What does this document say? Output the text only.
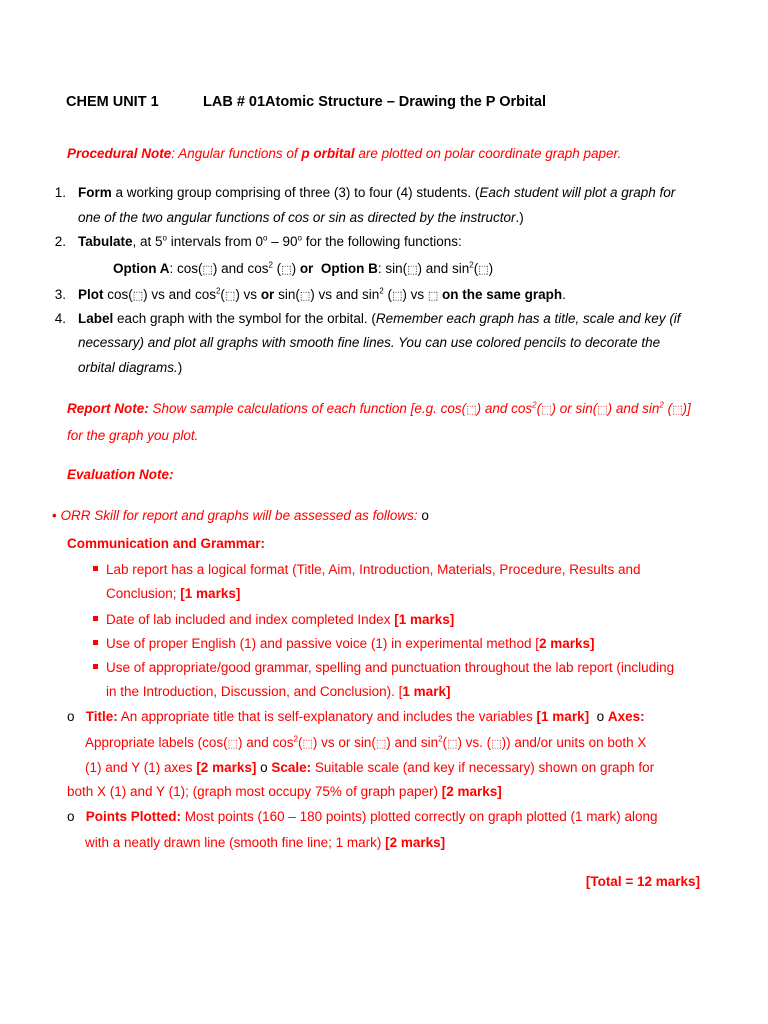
CHEM UNIT 1	LAB # 01Atomic Structure – Drawing the P Orbital
Procedural Note: Angular functions of p orbital are plotted on polar coordinate graph paper.
1. Form a working group comprising of three (3) to four (4) students. (Each student will plot a graph for
one of the two angular functions of cos or sin as directed by the instructor.)
2. Tabulate, at 5$^o$ intervals from 0$^o$ – 90$^o$ for the following functions:
Option A: cos(⬚) and $\cos^2$ (⬚) or Option B: sin(⬚) and $\sin^2(⬚)$
3. Plot cos(⬚) vs and $\cos^2(⬚)$ vs or sin(⬚) vs and $\sin^2$ (⬚) vs ⬚ on the same graph.
4. Label each graph with the symbol for the orbital. (Remember each graph has a title, scale and key (if
necessary) and plot all graphs with smooth fine lines. You can use colored pencils to decorate the
orbital diagrams.)
Report Note: Show sample calculations of each function [e.g. cos(⬚) and $\cos^2(⬚)$ or sin(⬚) and $\sin^2$ (⬚)]
for the graph you plot.
Evaluation Note:
• ORR Skill for report and graphs will be assessed as follows: o
Communication and Grammar:
Lab report has a logical format (Title, Aim, Introduction, Materials, Procedure, Results and
Conclusion; [1 marks]
Date of lab included and index completed Index [1 marks]
Use of proper English (1) and passive voice (1) in experimental method [2 marks]
Use of appropriate/good grammar, spelling and punctuation throughout the lab report (including
in the Introduction, Discussion, and Conclusion). [1 mark]
o Title: An appropriate title that is self-explanatory and includes the variables [1 mark]  o Axes:
Appropriate labels (cos(⬚) and $\cos^2(⬚)$ vs or sin(⬚) and $\sin^2(⬚)$ vs. (⬚)) and/or units on both X
(1) and Y (1) axes [2 marks] o Scale: Suitable scale (and key if necessary) shown on graph for
both X (1) and Y (1); (graph most occupy 75% of graph paper) [2 marks]
o Points Plotted: Most points (160 – 180 points) plotted correctly on graph plotted (1 mark) along
with a neatly drawn line (smooth fine line; 1 mark) [2 marks]
[Total = 12 marks]
